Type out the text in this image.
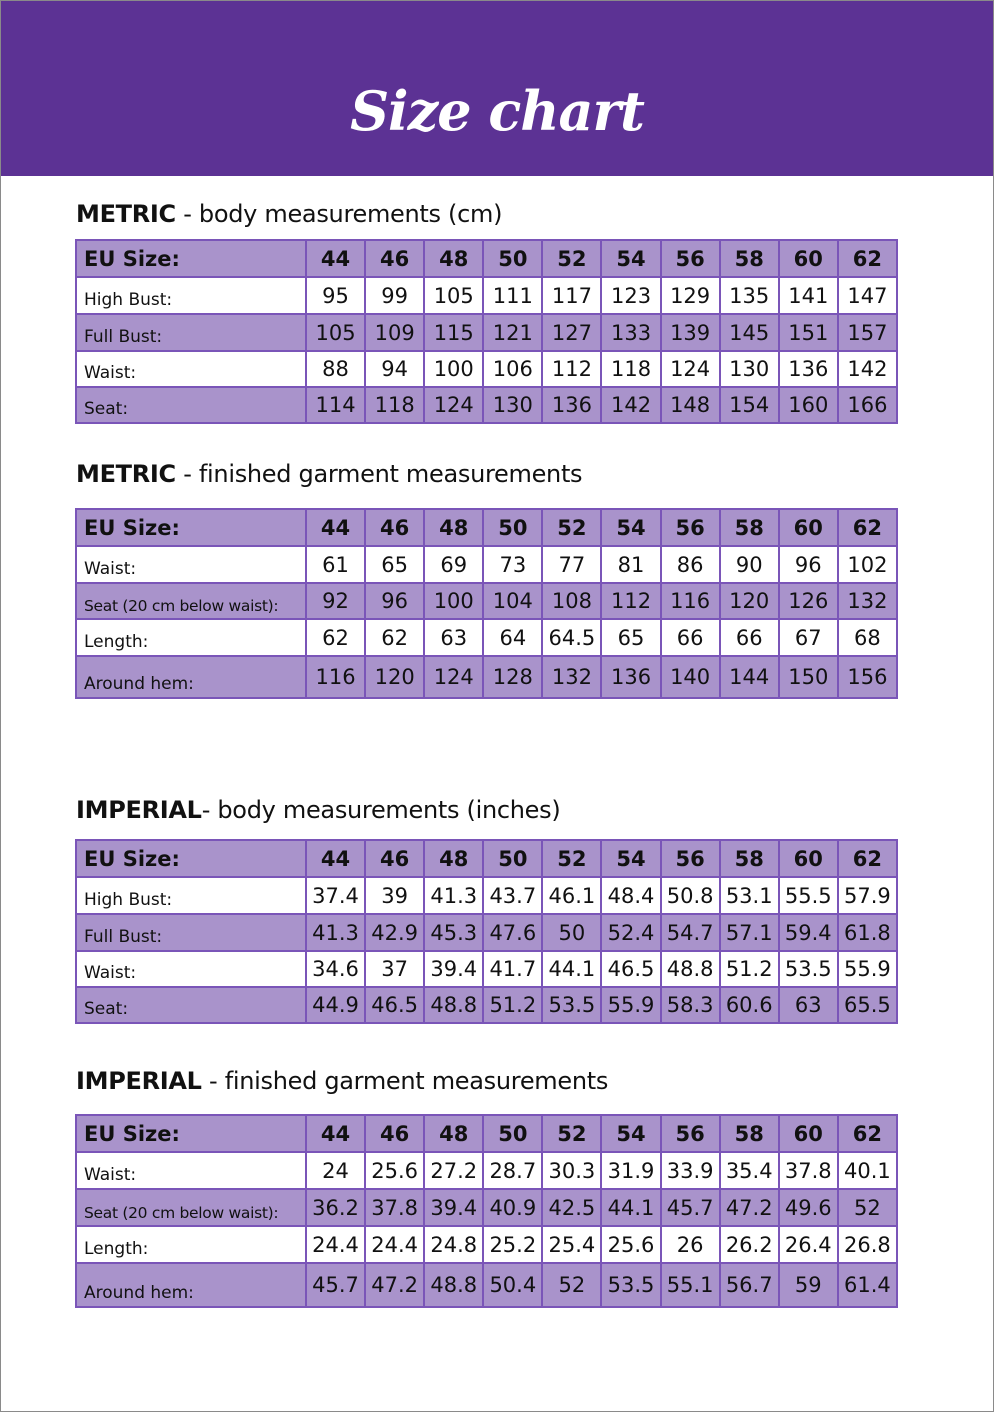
Size chart
METRIC - body measurements (cm)
EU Size:	44	46	48	50	52	54	56	58	60	62
High Bust:	95	99	105	111	117	123	129	135	141	147
Full Bust:	105	109	115	121	127	133	139	145	151	157
Waist:	88	94	100	106	112	118	124	130	136	142
Seat:	114	118	124	130	136	142	148	154	160	166
METRIC - finished garment measurements
EU Size:	44	46	48	50	52	54	56	58	60	62
Waist:	61	65	69	73	77	81	86	90	96	102
Seat (20 cm below waist):	92	96	100	104	108	112	116	120	126	132
Length:	62	62	63	64	64.5	65	66	66	67	68
Around hem:	116	120	124	128	132	136	140	144	150	156
IMPERIAL- body measurements (inches)
EU Size:	44	46	48	50	52	54	56	58	60	62
High Bust:	37.4	39	41.3	43.7	46.1	48.4	50.8	53.1	55.5	57.9
Full Bust:	41.3	42.9	45.3	47.6	50	52.4	54.7	57.1	59.4	61.8
Waist:	34.6	37	39.4	41.7	44.1	46.5	48.8	51.2	53.5	55.9
Seat:	44.9	46.5	48.8	51.2	53.5	55.9	58.3	60.6	63	65.5
IMPERIAL - finished garment measurements
EU Size:	44	46	48	50	52	54	56	58	60	62
Waist:	24	25.6	27.2	28.7	30.3	31.9	33.9	35.4	37.8	40.1
Seat (20 cm below waist):	36.2	37.8	39.4	40.9	42.5	44.1	45.7	47.2	49.6	52
Length:	24.4	24.4	24.8	25.2	25.4	25.6	26	26.2	26.4	26.8
Around hem:	45.7	47.2	48.8	50.4	52	53.5	55.1	56.7	59	61.4
